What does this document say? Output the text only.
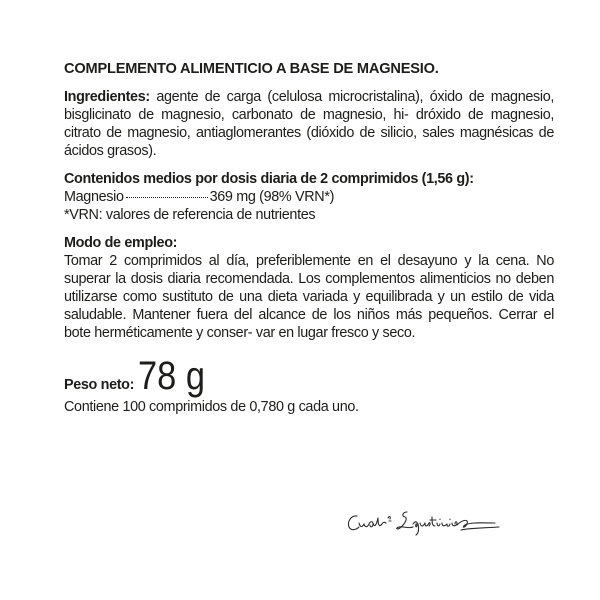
COMPLEMENTO ALIMENTICIO A BASE DE MAGNESIO.

Ingredientes: agente de carga (celulosa microcristalina), óxido de magnesio, bisglicinato de magnesio, carbonato de magnesio, hi- dróxido de magnesio, citrato de magnesio, antiaglomerantes (dióxido de silicio, sales magnésicas de ácidos grasos).

Contenidos medios por dosis diaria de 2 comprimidos (1,56 g):

Magnesio	369 mg (98% VRN*)

*VRN: valores de referencia de nutrientes

Modo de empleo:

Tomar 2 comprimidos al día, preferiblemente en el desayuno y la cena. No superar la dosis diaria recomendada. Los complementos alimenticios no deben utilizarse como sustituto de una dieta variada y equilibrada y un estilo de vida saludable. Mantener fuera del alcance de los niños más pequeños. Cerrar el bote herméticamente y conser- var en lugar fresco y seco.

Peso neto: 78 g

Contiene 100 comprimidos de 0,780 g cada uno.
